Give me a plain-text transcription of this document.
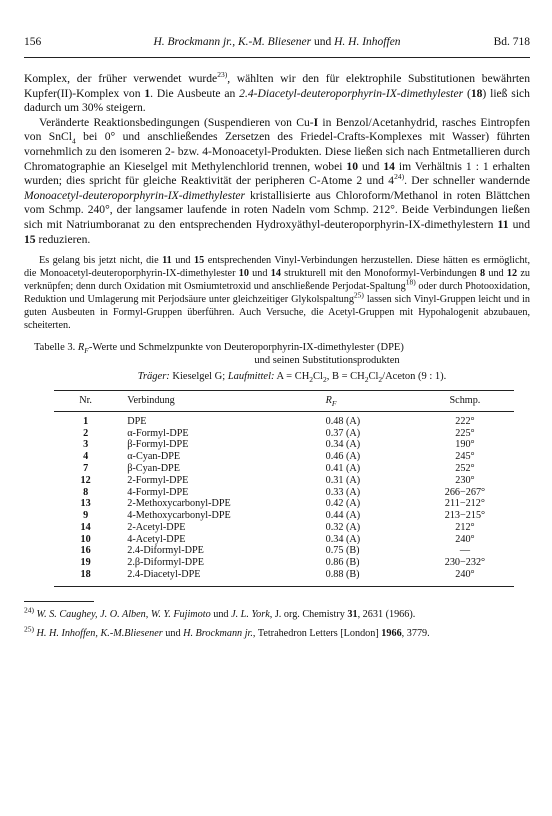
156	H. Brockmann jr., K.-M. Bliesener und H. H. Inhoffen	Bd. 718

Komplex, der früher verwendet wurde$^{23)}$, wählten wir den für elektrophile Substitutionen bewährten Kupfer(II)-Komplex von 1. Die Ausbeute an 2.4-Diacetyl-deuteroporphyrin-IX-dimethylester (18) ließ sich dadurch um 30% steigern.

Veränderte Reaktionsbedingungen (Suspendieren von Cu-I in Benzol/Acetanhydrid, rasches Eintropfen von SnCl$_4$ bei 0° und anschließendes Zersetzen des Friedel-Crafts-Komplexes mit Wasser) führten vornehmlich zu den isomeren 2- bzw. 4-Monoacetyl-Produkten. Diese ließen sich nach Entmetallieren durch Chromatographie an Kieselgel mit Methylenchlorid trennen, wobei 10 und 14 im Verhältnis 1 : 1 erhalten wurden; dies spricht für gleiche Reaktivität der peripheren C-Atome 2 und 4$^{24)}$. Der schneller wandernde Monoacetyl-deuteroporphyrin-IX-dimethylester kristallisierte aus Chloroform/Methanol in roten Blättchen vom Schmp. 240°, der langsamer laufende in roten Nadeln vom Schmp. 212°. Beide Verbindungen ließen sich mit Natriumboranat zu den entsprechenden Hydroxyäthyl-deuteroporphyrin-IX-dimethylestern 11 und 15 reduzieren.

Es gelang bis jetzt nicht, die 11 und 15 entsprechenden Vinyl-Verbindungen herzustellen. Diese hätten es ermöglicht, die Monoacetyl-deuteroporphyrin-IX-dimethylester 10 und 14 strukturell mit den Monoformyl-Verbindungen 8 und 12 zu verknüpfen; denn durch Oxidation mit Osmiumtetroxid und anschließende Perjodat-Spaltung$^{18)}$ oder durch Photooxidation, Reduktion und Umlagerung mit Perjodsäure unter gleichzeitiger Glykolspaltung$^{25)}$ lassen sich Vinyl-Gruppen leicht und in guten Ausbeuten in Formyl-Gruppen überführen. Auch Versuche, die Acetyl-Gruppen mit Hypohalogenit abzubauen, scheiterten.

Tabelle 3. $R_F$-Werte und Schmelzpunkte von Deuteroporphyrin-IX-dimethylester (DPE)
und seinen Substitutionsprodukten
Träger: Kieselgel G; Laufmittel: $A = CH_2Cl_2$, $B = CH_2Cl_2$/Aceton (9 : 1).
Nr.	Verbindung	$R_F$	Schmp.
1	DPE	0.48 (A)	222°
2	α-Formyl-DPE	0.37 (A)	225°
3	β-Formyl-DPE	0.34 (A)	190°
4	α-Cyan-DPE	0.46 (A)	245°
7	β-Cyan-DPE	0.41 (A)	252°
12	2-Formyl-DPE	0.31 (A)	230°
8	4-Formyl-DPE	0.33 (A)	266−267°
13	2-Methoxycarbonyl-DPE	0.42 (A)	211−212°
9	4-Methoxycarbonyl-DPE	0.44 (A)	213−215°
14	2-Acetyl-DPE	0.32 (A)	212°
10	4-Acetyl-DPE	0.34 (A)	240°
16	2.4-Diformyl-DPE	0.75 (B)	—
19	2.β-Diformyl-DPE	0.86 (B)	230−232°
18	2.4-Diacetyl-DPE	0.88 (B)	240°

$^{24)}$ W. S. Caughey, J. O. Alben, W. Y. Fujimoto und J. L. York, J. org. Chemistry 31, 2631 (1966).

$^{25)}$ H. H. Inhoffen, K.-M.Bliesener und H. Brockmann jr., Tetrahedron Letters [London] 1966, 3779.
